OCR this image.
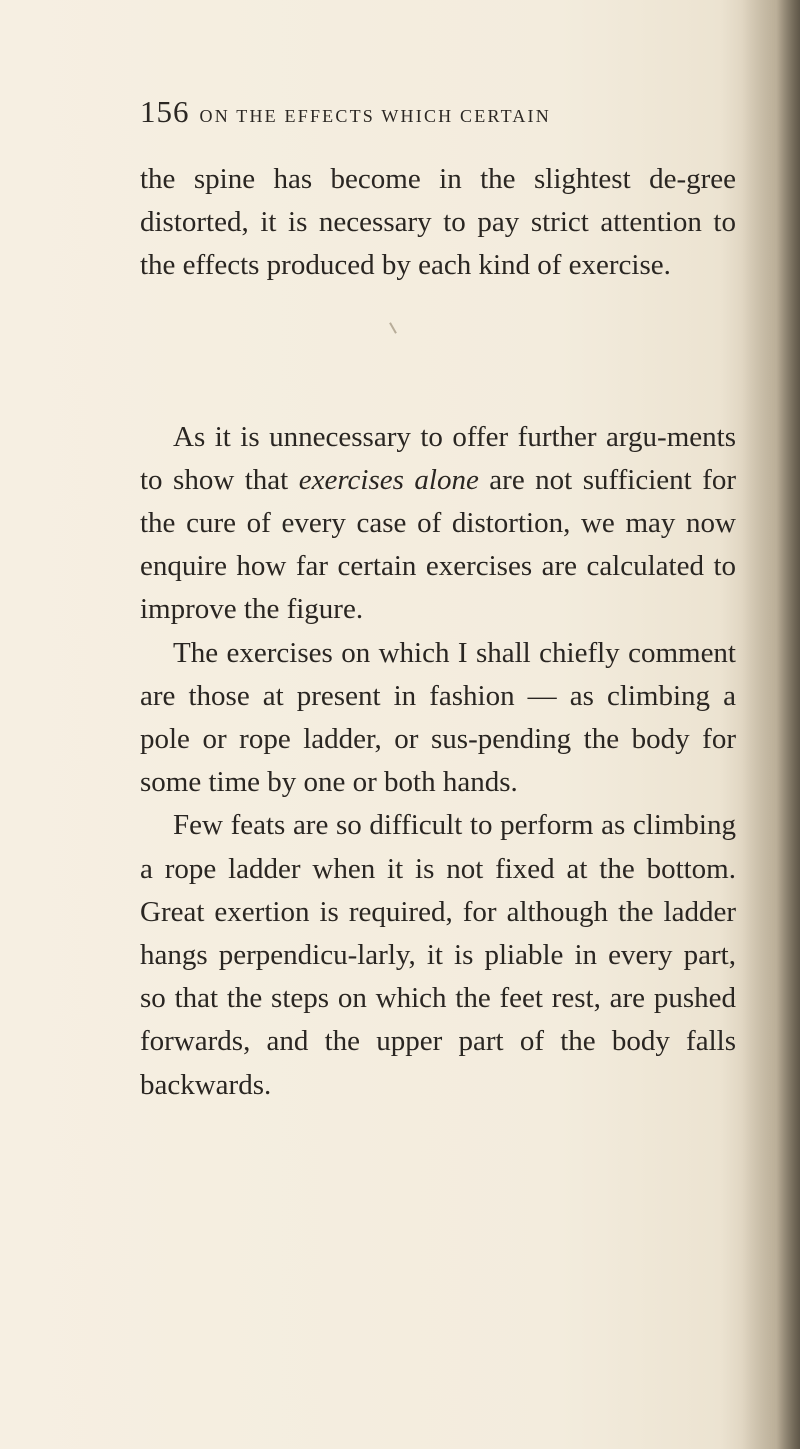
156 ON THE EFFECTS WHICH CERTAIN

the spine has become in the slightest de-gree distorted, it is necessary to pay strict attention to the effects produced by each kind of exercise.

As it is unnecessary to offer further argu-ments to show that exercises alone are not sufficient for the cure of every case of distortion, we may now enquire how far certain exercises are calculated to improve the figure.

The exercises on which I shall chiefly comment are those at present in fashion — as climbing a pole or rope ladder, or sus-pending the body for some time by one or both hands.

Few feats are so difficult to perform as climbing a rope ladder when it is not fixed at the bottom. Great exertion is required, for although the ladder hangs perpendicu-larly, it is pliable in every part, so that the steps on which the feet rest, are pushed forwards, and the upper part of the body falls backwards.
